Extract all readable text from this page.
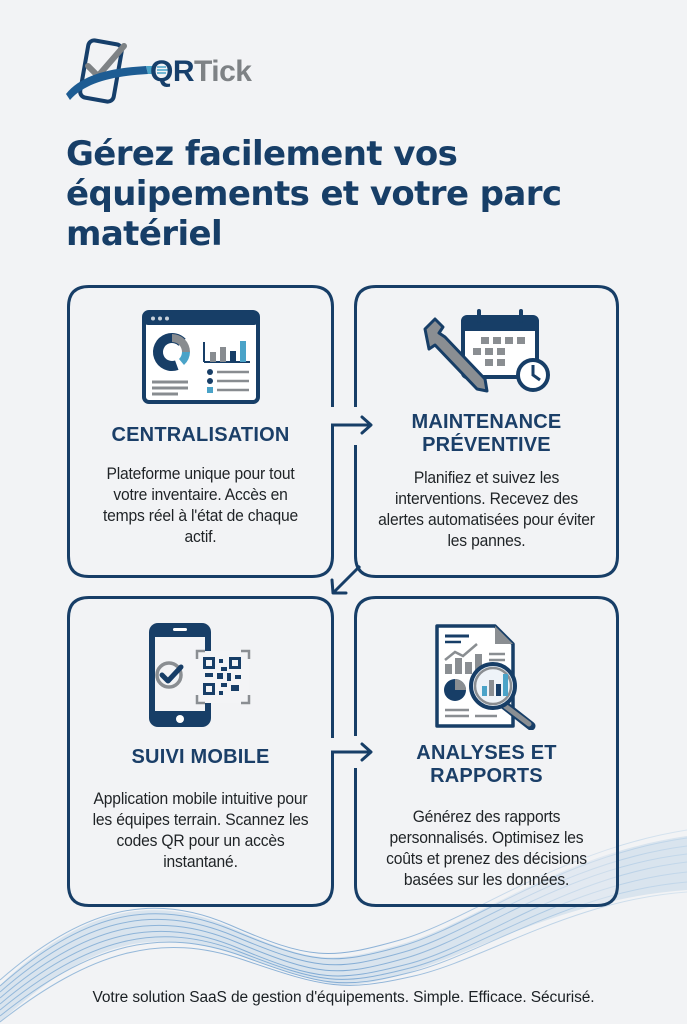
QRTick
Gérez facilement vos équipements et votre parc matériel
CENTRALISATION
Plateforme unique pour tout votre inventaire. Accès en temps réel à l'état de chaque actif.
MAINTENANCE PRÉVENTIVE
Planifiez et suivez les interventions. Recevez des alertes automatisées pour éviter les pannes.
SUIVI MOBILE
Application mobile intuitive pour les équipes terrain. Scannez les codes QR pour un accès instantané.
ANALYSES ET RAPPORTS
Générez des rapports personnalisés. Optimisez les coûts et prenez des décisions basées sur les données.
Votre solution SaaS de gestion d'équipements. Simple. Efficace. Sécurisé.
